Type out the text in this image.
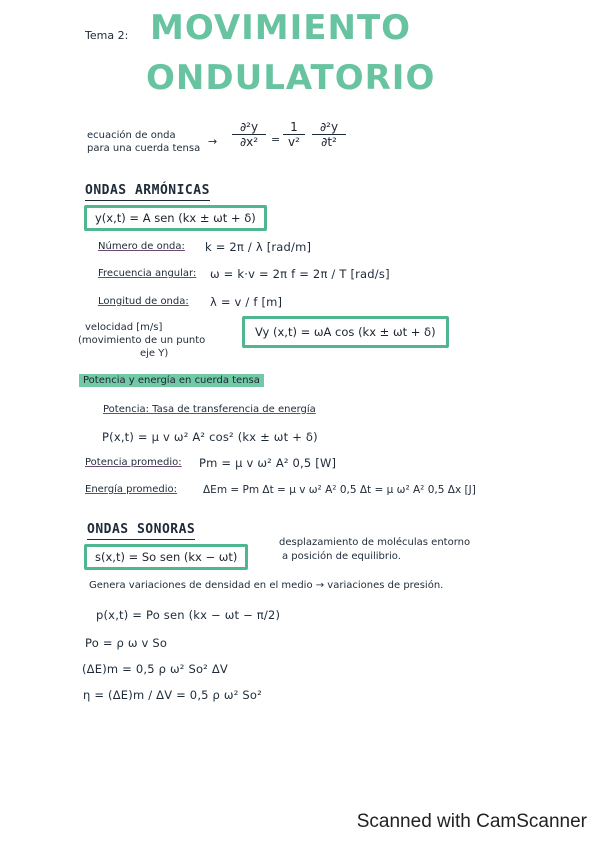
Tema 2: MOVIMIENTO
ONDULATORIO
ecuación de onda
para una cuerda tensa
→ $\frac{\text{∂²y}}{\text{∂x²}} = \frac{1}{\text{v²}} \frac{\text{∂²y}}{\text{∂t²}}$
ONDAS ARMÓNICAS
y(x,t) = A sen (kx ± ωt + δ)
Número de onda: k = 2π / λ [rad/m]
Frecuencia angular: ω = k·v = 2π f = 2π / T [rad/s]
Longitud de onda: λ = v / f [m]
velocidad [m/s]
(movimiento de un punto
eje Y)
Vy (x,t) = ωA cos (kx ± ωt + δ)
Potencia y energía en cuerda tensa
Potencia: Tasa de transferencia de energía
P(x,t) = μ v ω² A² cos² (kx ± ωt + δ)
Potencia promedio: Pm = μ v ω² A² 0,5 [W]
Energía promedio: ΔEm = Pm Δt = μ v ω² A² 0,5 Δt = μ ω² A² 0,5 Δx [J]
ONDAS SONORAS
s(x,t) = So sen (kx − ωt)
desplazamiento de moléculas entorno
a posición de equilibrio.
Genera variaciones de densidad en el medio → variaciones de presión.
p(x,t) = Po sen (kx − ωt − π/2)
Po = ρ ω v So
(ΔE)m = 0,5 ρ ω² So² ΔV
η = (ΔE)m / ΔV = 0,5 ρ ω² So²
Scanned with CamScanner
